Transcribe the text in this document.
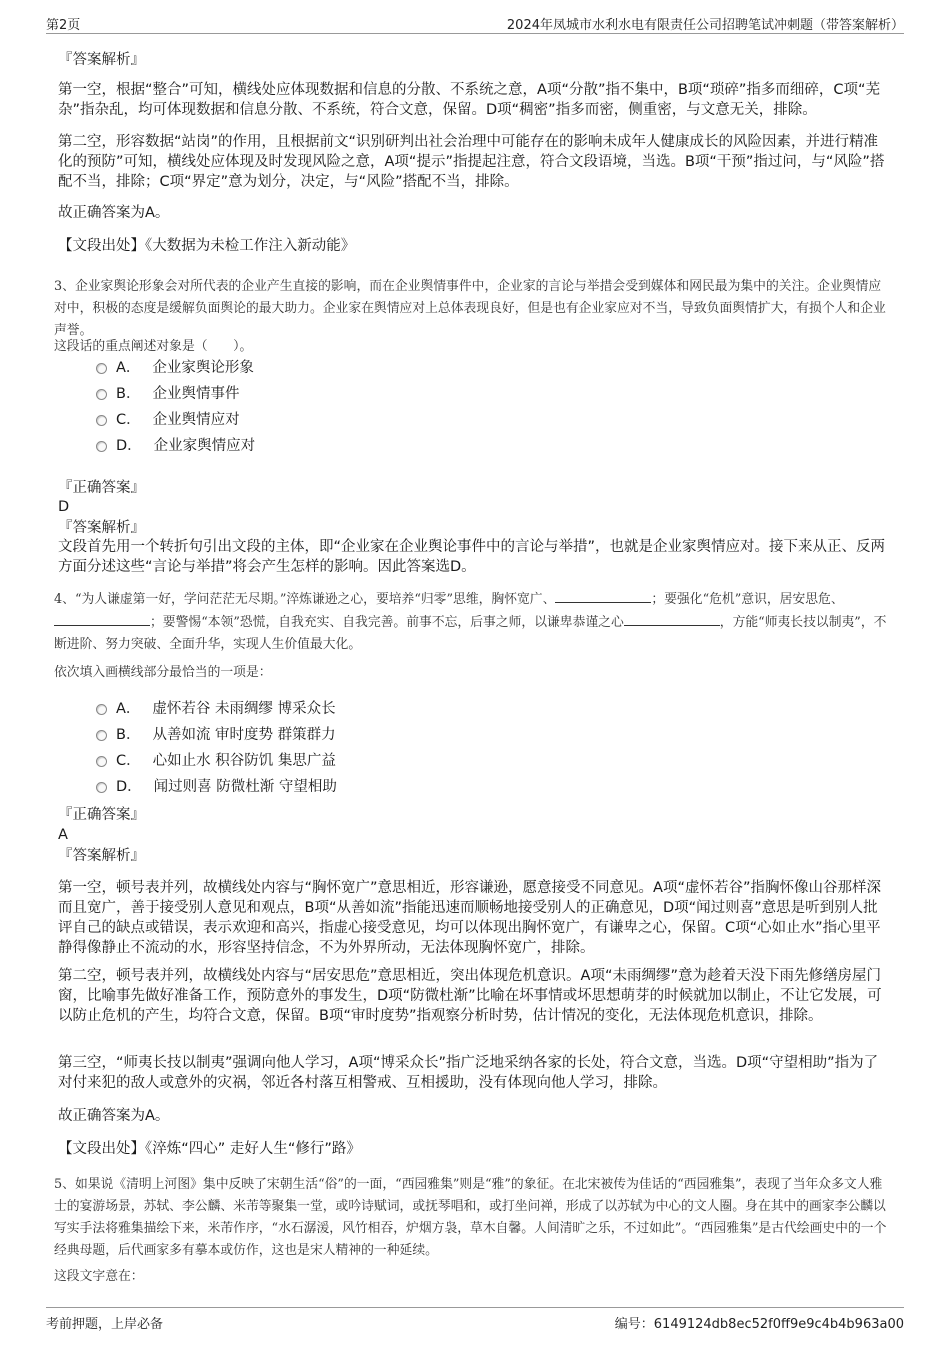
第2页	2024年凤城市水利水电有限责任公司招聘笔试冲刺题（带答案解析）
『答案解析』
第一空，根据“整合”可知，横线处应体现数据和信息的分散、不系统之意，A项“分散”指不集中，B项“琐碎”指多而细碎，C项“芜杂”指杂乱，均可体现数据和信息分散、不系统，符合文意，保留。D项“稠密”指多而密，侧重密，与文意无关，排除。
第二空，形容数据“站岗”的作用，且根据前文“识别研判出社会治理中可能存在的影响未成年人健康成长的风险因素，并进行精准化的预防”可知，横线处应体现及时发现风险之意，A项“提示”指提起注意，符合文段语境，当选。B项“干预”指过问，与“风险”搭配不当，排除；C项“界定”意为划分，决定，与“风险”搭配不当，排除。
故正确答案为A。
【文段出处】《大数据为未检工作注入新动能》
3、企业家舆论形象会对所代表的企业产生直接的影响，而在企业舆情事件中，企业家的言论与举措会受到媒体和网民最为集中的关注。企业舆情应对中，积极的态度是缓解负面舆论的最大助力。企业家在舆情应对上总体表现良好，但是也有企业家应对不当，导致负面舆情扩大，有损个人和企业声誉。
这段话的重点阐述对象是（　　）。
A． 企业家舆论形象
B． 企业舆情事件
C． 企业舆情应对
D． 企业家舆情应对
『正确答案』
D
『答案解析』
文段首先用一个转折句引出文段的主体，即“企业家在企业舆论事件中的言论与举措”，也就是企业家舆情应对。接下来从正、反两方面分述这些“言论与举措”将会产生怎样的影响。因此答案选D。
4、“为人谦虚第一好，学问茫茫无尽期。”淬炼谦逊之心，要培养“归零”思维，胸怀宽广、	；要强化“危机”意识，居安思危、；要警惕“本领”恐慌，自我充实、自我完善。前事不忘，后事之师，以谦卑恭谨之心	，方能“师夷长技以制夷”，不断进阶、努力突破、全面升华，实现人生价值最大化。
依次填入画横线部分最恰当的一项是：
A． 虚怀若谷 未雨绸缪 博采众长
B． 从善如流 审时度势 群策群力
C． 心如止水 积谷防饥 集思广益
D． 闻过则喜 防微杜渐 守望相助
『正确答案』
A
『答案解析』
第一空，顿号表并列，故横线处内容与“胸怀宽广”意思相近，形容谦逊，愿意接受不同意见。A项“虚怀若谷”指胸怀像山谷那样深而且宽广，善于接受别人意见和观点，B项“从善如流”指能迅速而顺畅地接受别人的正确意见，D项“闻过则喜”意思是听到别人批评自己的缺点或错误，表示欢迎和高兴，指虚心接受意见，均可以体现出胸怀宽广，有谦卑之心，保留。C项“心如止水”指心里平静得像静止不流动的水，形容坚持信念，不为外界所动，无法体现胸怀宽广，排除。
第二空，顿号表并列，故横线处内容与“居安思危”意思相近，突出体现危机意识。A项“未雨绸缪”意为趁着天没下雨先修缮房屋门窗，比喻事先做好准备工作，预防意外的事发生，D项“防微杜渐”比喻在坏事情或坏思想萌芽的时候就加以制止，不让它发展，可以防止危机的产生，均符合文意，保留。B项“审时度势”指观察分析时势，估计情况的变化，无法体现危机意识，排除。
第三空，“师夷长技以制夷”强调向他人学习，A项“博采众长”指广泛地采纳各家的长处，符合文意，当选。D项“守望相助”指为了对付来犯的敌人或意外的灾祸，邻近各村落互相警戒、互相援助，没有体现向他人学习，排除。
故正确答案为A。
【文段出处】《淬炼“四心” 走好人生“修行”路》
5、如果说《清明上河图》集中反映了宋朝生活“俗”的一面，“西园雅集”则是“雅”的象征。在北宋被传为佳话的“西园雅集”，表现了当年众多文人雅士的宴游场景，苏轼、李公麟、米芾等聚集一堂，或吟诗赋词，或抚琴唱和，或打坐问禅，形成了以苏轼为中心的文人圈。身在其中的画家李公麟以写实手法将雅集描绘下来，米芾作序，“水石潺湲，风竹相吞，炉烟方袅，草木自馨。人间清旷之乐，不过如此”。“西园雅集”是古代绘画史中的一个经典母题，后代画家多有摹本或仿作，这也是宋人精神的一种延续。
这段文字意在：
考前押题，上岸必备	编号：6149124db8ec52f0ff9e9c4b4b963a00
